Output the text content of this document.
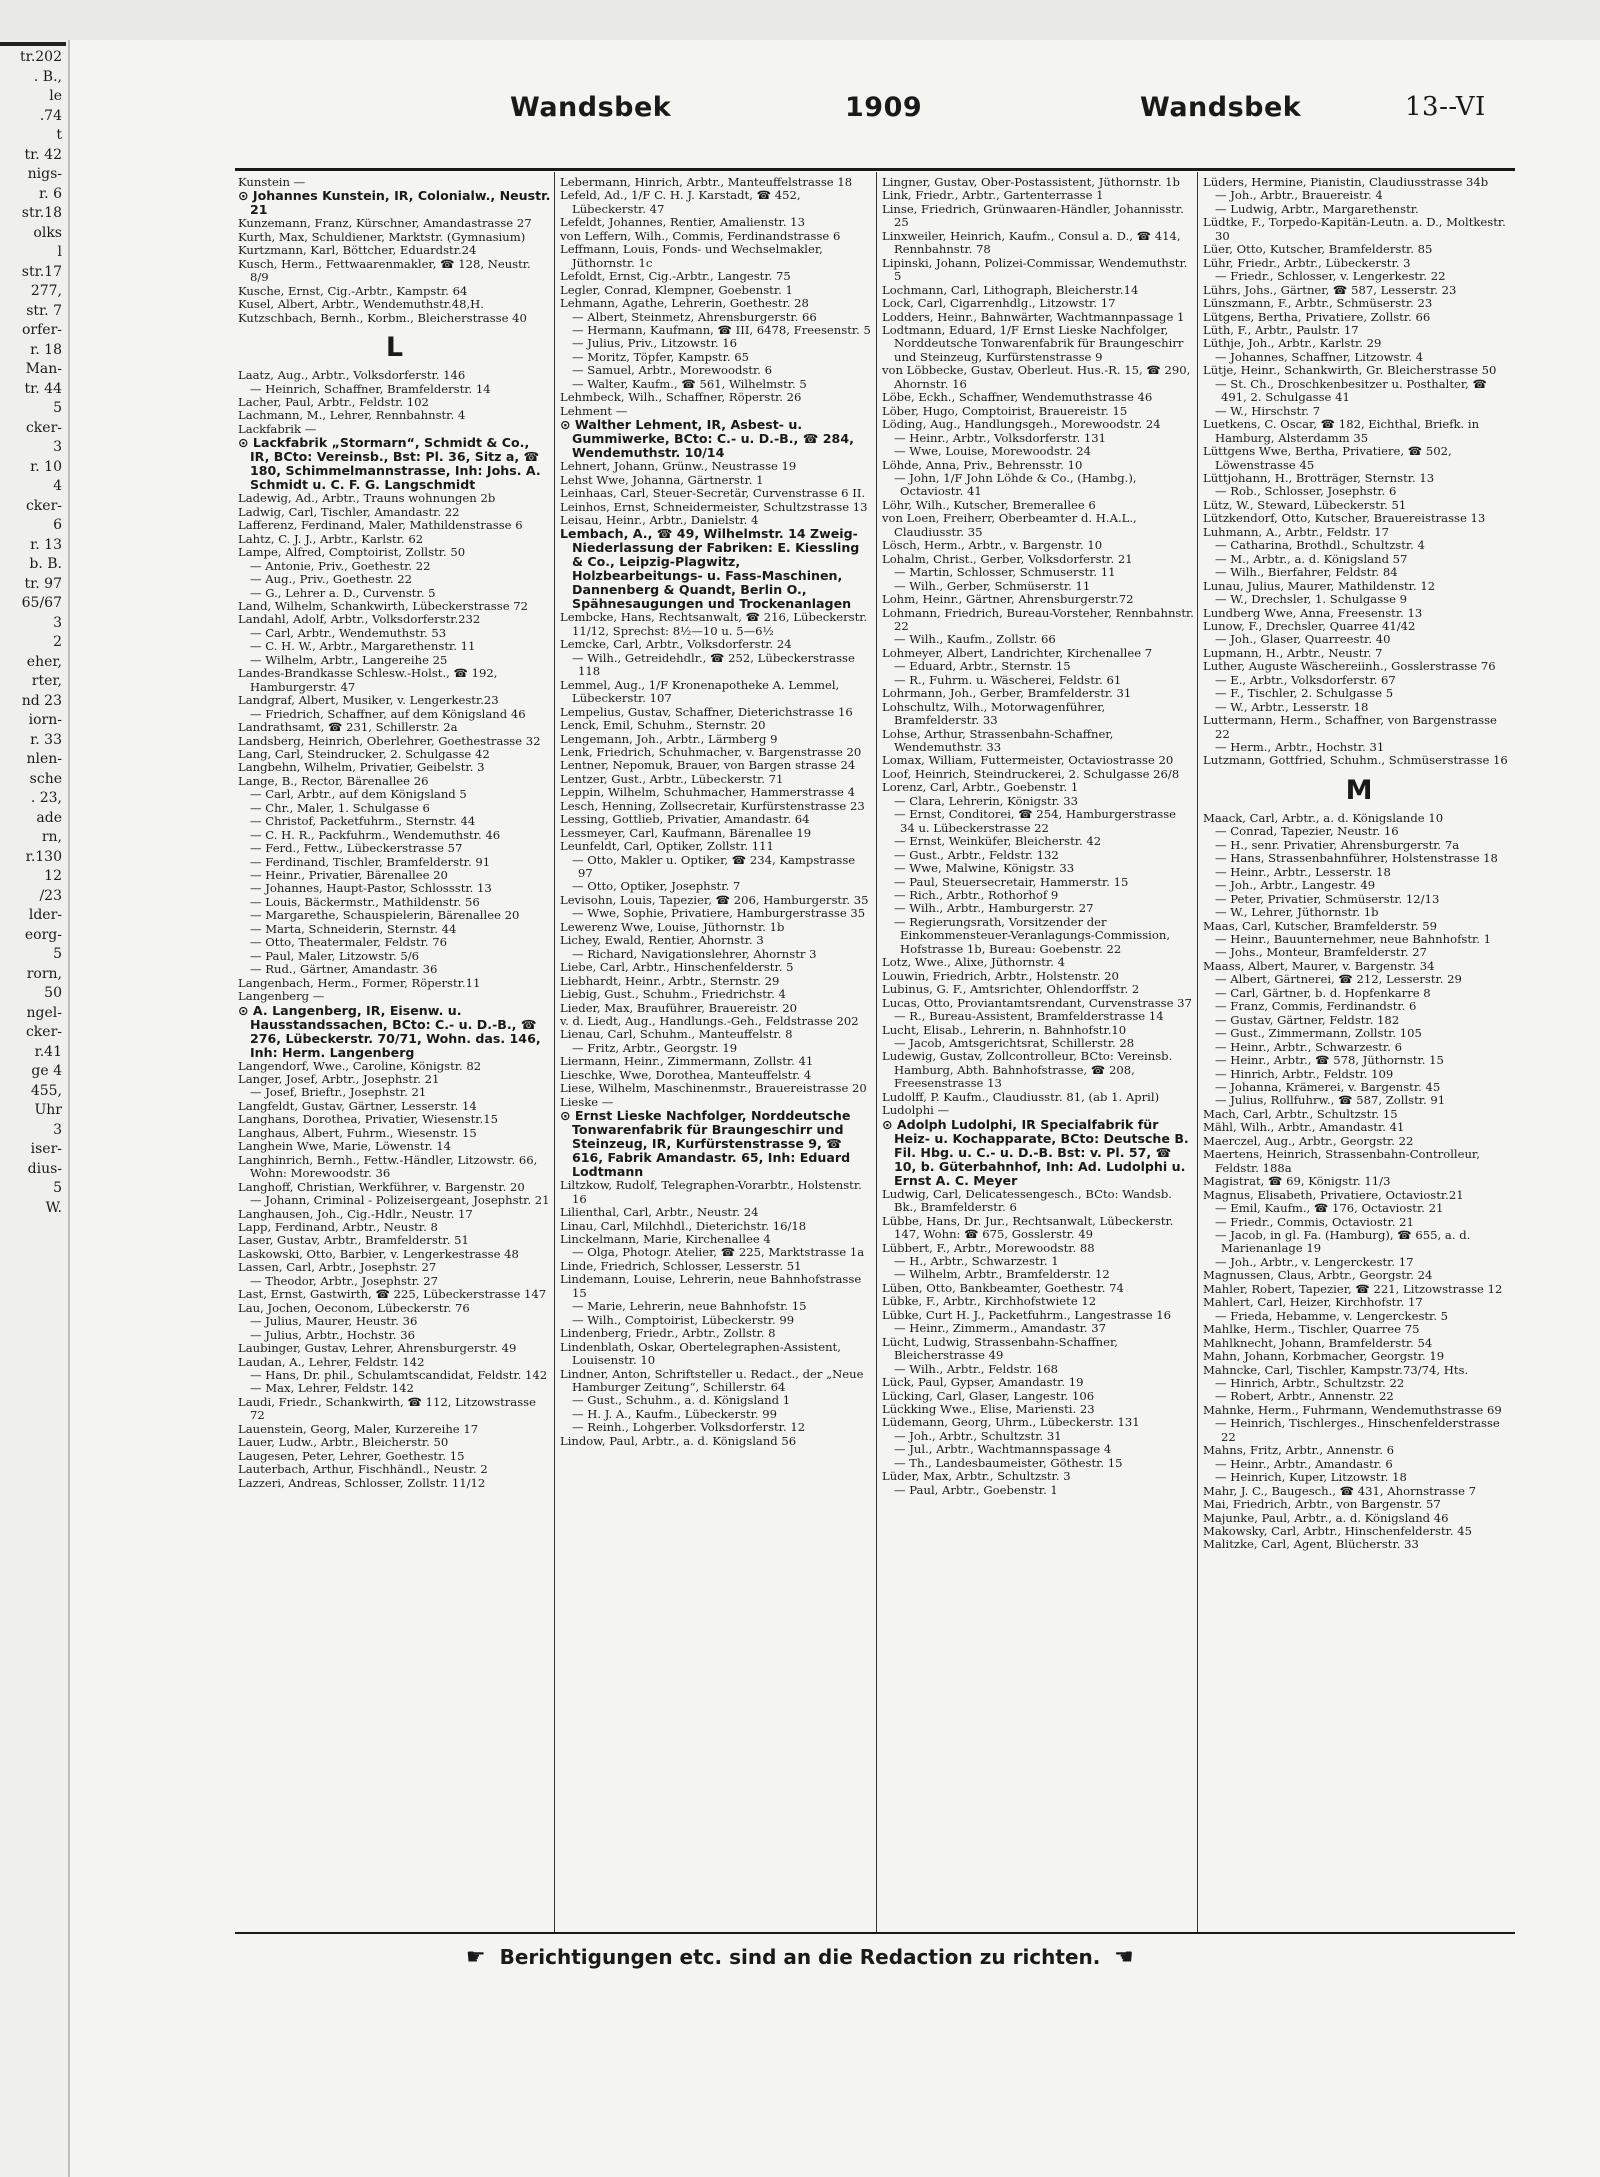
tr.202
. B.,
le
.74
t
tr. 42
nigs-
r. 6
str.18
olks
l
str.17
277,
str. 7
orfer-
r. 18
Man-
tr. 44
5
cker-
3
r. 10
4
cker-
6
r. 13
b. B.
tr. 97
65/67
3
2
eher,
rter,
nd 23
iorn-
r. 33
nlen-
sche
. 23,
ade
rn,
r.130
12
/23
lder-
eorg-
5
rorn,
50
ngel-
cker-
r.41
ge 4
455,
Uhr
3
iser-
dius-
5
W.
Wandsbek	1909	Wandsbek	13--VI
Kunstein —
⊙ Johannes Kunstein, IR, Colonialw., Neustr. 21
Kunzemann, Franz, Kürschner, Amandastrasse 27
Kurth, Max, Schuldiener, Marktstr. (Gymnasium)
Kurtzmann, Karl, Böttcher, Eduardstr.24
Kusch, Herm., Fettwaarenmakler, ☎ 128, Neustr. 8/9
Kusche, Ernst, Cig.-Arbtr., Kampstr. 64
Kusel, Albert, Arbtr., Wendemuthstr.48,H.
Kutzschbach, Bernh., Korbm., Bleicherstrasse 40
L
Laatz, Aug., Arbtr., Volksdorferstr. 146
— Heinrich, Schaffner, Bramfelderstr. 14
Lacher, Paul, Arbtr., Feldstr. 102
Lachmann, M., Lehrer, Rennbahnstr. 4
Lackfabrik —
⊙ Lackfabrik „Stormarn“, Schmidt & Co., IR, BCto: Vereinsb., Bst: Pl. 36, Sitz a, ☎ 180, Schimmelmannstrasse, Inh: Johs. A. Schmidt u. C. F. G. Langschmidt
Ladewig, Ad., Arbtr., Trauns wohnungen 2b
Ladwig, Carl, Tischler, Amandastr. 22
Lafferenz, Ferdinand, Maler, Mathildenstrasse 6
Lahtz, C. J. J., Arbtr., Karlstr. 62
Lampe, Alfred, Comptoirist, Zollstr. 50
— Antonie, Priv., Goethestr. 22
— Aug., Priv., Goethestr. 22
— G., Lehrer a. D., Curvenstr. 5
Land, Wilhelm, Schankwirth, Lübeckerstrasse 72
Landahl, Adolf, Arbtr., Volksdorferstr.232
— Carl, Arbtr., Wendemuthstr. 53
— C. H. W., Arbtr., Margarethenstr. 11
— Wilhelm, Arbtr., Langereihe 25
Landes-Brandkasse Schlesw.-Holst., ☎ 192, Hamburgerstr. 47
Landgraf, Albert, Musiker, v. Lengerkestr.23
— Friedrich, Schaffner, auf dem Königsland 46
Landrathsamt, ☎ 231, Schillerstr. 2a
Landsberg, Heinrich, Oberlehrer, Goethestrasse 32
Lang, Carl, Steindrucker, 2. Schulgasse 42
Langbehn, Wilhelm, Privatier, Geibelstr. 3
Lange, B., Rector, Bärenallee 26
— Carl, Arbtr., auf dem Königsland 5
— Chr., Maler, 1. Schulgasse 6
— Christof, Packetfuhrm., Sternstr. 44
— C. H. R., Packfuhrm., Wendemuthstr. 46
— Ferd., Fettw., Lübeckerstrasse 57
— Ferdinand, Tischler, Bramfelderstr. 91
— Heinr., Privatier, Bärenallee 20
— Johannes, Haupt-Pastor, Schlossstr. 13
— Louis, Bäckermstr., Mathildenstr. 56
— Margarethe, Schauspielerin, Bärenallee 20
— Marta, Schneiderin, Sternstr. 44
— Otto, Theatermaler, Feldstr. 76
— Paul, Maler, Litzowstr. 5/6
— Rud., Gärtner, Amandastr. 36
Langenbach, Herm., Former, Röperstr.11
Langenberg —
⊙ A. Langenberg, IR, Eisenw. u. Hausstandssachen, BCto: C.- u. D.-B., ☎ 276, Lübeckerstr. 70/71, Wohn. das. 146, Inh: Herm. Langenberg
Langendorf, Wwe., Caroline, Königstr. 82
Langer, Josef, Arbtr., Josephstr. 21
— Josef, Brieftr., Josephstr. 21
Langfeldt, Gustav, Gärtner, Lesserstr. 14
Langhans, Dorothea, Privatier, Wiesenstr.15
Langhaus, Albert, Fuhrm., Wiesenstr. 15
Langhein Wwe, Marie, Löwenstr. 14
Langhinrich, Bernh., Fettw.-Händler, Litzowstr. 66, Wohn: Morewoodstr. 36
Langhoff, Christian, Werkführer, v. Bargenstr. 20
— Johann, Criminal - Polizeisergeant, Josephstr. 21
Langhausen, Joh., Cig.-Hdlr., Neustr. 17
Lapp, Ferdinand, Arbtr., Neustr. 8
Laser, Gustav, Arbtr., Bramfelderstr. 51
Laskowski, Otto, Barbier, v. Lengerkestrasse 48
Lassen, Carl, Arbtr., Josephstr. 27
— Theodor, Arbtr., Josephstr. 27
Last, Ernst, Gastwirth, ☎ 225, Lübeckerstrasse 147
Lau, Jochen, Oeconom, Lübeckerstr. 76
— Julius, Maurer, Heustr. 36
— Julius, Arbtr., Hochstr. 36
Laubinger, Gustav, Lehrer, Ahrensburgerstr. 49
Laudan, A., Lehrer, Feldstr. 142
— Hans, Dr. phil., Schulamtscandidat, Feldstr. 142
— Max, Lehrer, Feldstr. 142
Laudi, Friedr., Schankwirth, ☎ 112, Litzowstrasse 72
Lauenstein, Georg, Maler, Kurzereihe 17
Lauer, Ludw., Arbtr., Bleicherstr. 50
Laugesen, Peter, Lehrer, Goethestr. 15
Lauterbach, Arthur, Fischhändl., Neustr. 2
Lazzeri, Andreas, Schlosser, Zollstr. 11/12
Lebermann, Hinrich, Arbtr., Manteuffelstrasse 18
Lefeld, Ad., 1/F C. H. J. Karstadt, ☎ 452, Lübeckerstr. 47
Lefeldt, Johannes, Rentier, Amalienstr. 13
von Leffern, Wilh., Commis, Ferdinandstrasse 6
Leffmann, Louis, Fonds- und Wechselmakler, Jüthornstr. 1c
Lefoldt, Ernst, Cig.-Arbtr., Langestr. 75
Legler, Conrad, Klempner, Goebenstr. 1
Lehmann, Agathe, Lehrerin, Goethestr. 28
— Albert, Steinmetz, Ahrensburgerstr. 66
— Hermann, Kaufmann, ☎ III, 6478, Freesenstr. 5
— Julius, Priv., Litzowstr. 16
— Moritz, Töpfer, Kampstr. 65
— Samuel, Arbtr., Morewoodstr. 6
— Walter, Kaufm., ☎ 561, Wilhelmstr. 5
Lehmbeck, Wilh., Schaffner, Röperstr. 26
Lehment —
⊙ Walther Lehment, IR, Asbest- u. Gummiwerke, BCto: C.- u. D.-B., ☎ 284, Wendemuthstr. 10/14
Lehnert, Johann, Grünw., Neustrasse 19
Lehst Wwe, Johanna, Gärtnerstr. 1
Leinhaas, Carl, Steuer-Secretär, Curvenstrasse 6 II.
Leinhos, Ernst, Schneidermeister, Schultzstrasse 13
Leisau, Heinr., Arbtr., Danielstr. 4
Lembach, A., ☎ 49, Wilhelmstr. 14 Zweig-Niederlassung der Fabriken: E. Kiessling & Co., Leipzig-Plagwitz, Holzbearbeitungs- u. Fass-Maschinen, Dannenberg & Quandt, Berlin O., Spähnesaugungen und Trockenanlagen
Lembcke, Hans, Rechtsanwalt, ☎ 216, Lübeckerstr. 11/12, Sprechst: 8½—10 u. 5—6½
Lemcke, Carl, Arbtr., Volksdorferstr. 24
— Wilh., Getreidehdlr., ☎ 252, Lübeckerstrasse 118
Lemmel, Aug., 1/F Kronenapotheke A. Lemmel, Lübeckerstr. 107
Lempelius, Gustav, Schaffner, Dieterichstrasse 16
Lenck, Emil, Schuhm., Sternstr. 20
Lengemann, Joh., Arbtr., Lärmberg 9
Lenk, Friedrich, Schuhmacher, v. Bargenstrasse 20
Lentner, Nepomuk, Brauer, von Bargen strasse 24
Lentzer, Gust., Arbtr., Lübeckerstr. 71
Leppin, Wilhelm, Schuhmacher, Hammerstrasse 4
Lesch, Henning, Zollsecretair, Kurfürstenstrasse 23
Lessing, Gottlieb, Privatier, Amandastr. 64
Lessmeyer, Carl, Kaufmann, Bärenallee 19
Leunfeldt, Carl, Optiker, Zollstr. 111
— Otto, Makler u. Optiker, ☎ 234, Kampstrasse 97
— Otto, Optiker, Josephstr. 7
Levisohn, Louis, Tapezier, ☎ 206, Hamburgerstr. 35
— Wwe, Sophie, Privatiere, Hamburgerstrasse 35
Lewerenz Wwe, Louise, Jüthornstr. 1b
Lichey, Ewald, Rentier, Ahornstr. 3
— Richard, Navigationslehrer, Ahornstr 3
Liebe, Carl, Arbtr., Hinschenfelderstr. 5
Liebhardt, Heinr., Arbtr., Sternstr. 29
Liebig, Gust., Schuhm., Friedrichstr. 4
Lieder, Max, Brauführer, Brauereistr. 20
v. d. Liedt, Aug., Handlungs.-Geh., Feldstrasse 202
Lienau, Carl, Schuhm., Manteuffelstr. 8
— Fritz, Arbtr., Georgstr. 19
Liermann, Heinr., Zimmermann, Zollstr. 41
Lieschke, Wwe, Dorothea, Manteuffelstr. 4
Liese, Wilhelm, Maschinenmstr., Brauereistrasse 20
Lieske —
⊙ Ernst Lieske Nachfolger, Norddeutsche Tonwarenfabrik für Braungeschirr und Steinzeug, IR, Kurfürstenstrasse 9, ☎ 616, Fabrik Amandastr. 65, Inh: Eduard Lodtmann
Liltzkow, Rudolf, Telegraphen-Vorarbtr., Holstenstr. 16
Lilienthal, Carl, Arbtr., Neustr. 24
Linau, Carl, Milchhdl., Dieterichstr. 16/18
Linckelmann, Marie, Kirchenallee 4
— Olga, Photogr. Atelier, ☎ 225, Marktstrasse 1a
Linde, Friedrich, Schlosser, Lesserstr. 51
Lindemann, Louise, Lehrerin, neue Bahnhofstrasse 15
— Marie, Lehrerin, neue Bahnhofstr. 15
— Wilh., Comptoirist, Lübeckerstr. 99
Lindenberg, Friedr., Arbtr., Zollstr. 8
Lindenblath, Oskar, Obertelegraphen-Assistent, Louisenstr. 10
Lindner, Anton, Schriftsteller u. Redact., der „Neue Hamburger Zeitung“, Schillerstr. 64
— Gust., Schuhm., a. d. Königsland 1
— H. J. A., Kaufm., Lübeckerstr. 99
— Reinh., Lohgerber. Volksdorferstr. 12
Lindow, Paul, Arbtr., a. d. Königsland 56
Lingner, Gustav, Ober-Postassistent, Jüthornstr. 1b
Link, Friedr., Arbtr., Gartenterrasse 1
Linse, Friedrich, Grünwaaren-Händler, Johannisstr. 25
Linxweiler, Heinrich, Kaufm., Consul a. D., ☎ 414, Rennbahnstr. 78
Lipinski, Johann, Polizei-Commissar, Wendemuthstr. 5
Lochmann, Carl, Lithograph, Bleicherstr.14
Lock, Carl, Cigarrenhdlg., Litzowstr. 17
Lodders, Heinr., Bahnwärter, Wachtmannpassage 1
Lodtmann, Eduard, 1/F Ernst Lieske Nachfolger, Norddeutsche Tonwarenfabrik für Braungeschirr und Steinzeug, Kurfürstenstrasse 9
von Löbbecke, Gustav, Oberleut. Hus.-R. 15, ☎ 290, Ahornstr. 16
Löbe, Eckh., Schaffner, Wendemuthstrasse 46
Löber, Hugo, Comptoirist, Brauereistr. 15
Löding, Aug., Handlungsgeh., Morewoodstr. 24
— Heinr., Arbtr., Volksdorferstr. 131
— Wwe, Louise, Morewoodstr. 24
Löhde, Anna, Priv., Behrensstr. 10
— John, 1/F John Löhde & Co., (Hambg.), Octaviostr. 41
Löhr, Wilh., Kutscher, Bremerallee 6
von Loen, Freiherr, Oberbeamter d. H.A.L., Claudiusstr. 35
Lösch, Herm., Arbtr., v. Bargenstr. 10
Lohalm, Christ., Gerber, Volksdorferstr. 21
— Martin, Schlosser, Schmuserstr. 11
— Wilh., Gerber, Schmüserstr. 11
Lohm, Heinr., Gärtner, Ahrensburgerstr.72
Lohmann, Friedrich, Bureau-Vorsteher, Rennbahnstr. 22
— Wilh., Kaufm., Zollstr. 66
Lohmeyer, Albert, Landrichter, Kirchenallee 7
— Eduard, Arbtr., Sternstr. 15
— R., Fuhrm. u. Wäscherei, Feldstr. 61
Lohrmann, Joh., Gerber, Bramfelderstr. 31
Lohschultz, Wilh., Motorwagenführer, Bramfelderstr. 33
Lohse, Arthur, Strassenbahn-Schaffner, Wendemuthstr. 33
Lomax, William, Futtermeister, Octaviostrasse 20
Loof, Heinrich, Steindruckerei, 2. Schulgasse 26/8
Lorenz, Carl, Arbtr., Goebenstr. 1
— Clara, Lehrerin, Königstr. 33
— Ernst, Conditorei, ☎ 254, Hamburgerstrasse 34 u. Lübeckerstrasse 22
— Ernst, Weinküfer, Bleicherstr. 42
— Gust., Arbtr., Feldstr. 132
— Wwe, Malwine, Königstr. 33
— Paul, Steuersecretair, Hammerstr. 15
— Rich., Arbtr., Rothorhof 9
— Wilh., Arbtr., Hamburgerstr. 27
— Regierungsrath, Vorsitzender der Einkommensteuer-Veranlagungs-Commission, Hofstrasse 1b, Bureau: Goebenstr. 22
Lotz, Wwe., Alixe, Jüthornstr. 4
Louwin, Friedrich, Arbtr., Holstenstr. 20
Lubinus, G. F., Amtsrichter, Ohlendorffstr. 2
Lucas, Otto, Proviantamtsrendant, Curvenstrasse 37
— R., Bureau-Assistent, Bramfelderstrasse 14
Lucht, Elisab., Lehrerin, n. Bahnhofstr.10
— Jacob, Amtsgerichtsrat, Schillerstr. 28
Ludewig, Gustav, Zollcontrolleur, BCto: Vereinsb. Hamburg, Abth. Bahnhofstrasse, ☎ 208, Freesenstrasse 13
Ludolff, P. Kaufm., Claudiusstr. 81, (ab 1. April)
Ludolphi —
⊙ Adolph Ludolphi, IR Specialfabrik für Heiz- u. Kochapparate, BCto: Deutsche B. Fil. Hbg. u. C.- u. D.-B. Bst: v. Pl. 57, ☎ 10, b. Güterbahnhof, Inh: Ad. Ludolphi u. Ernst A. C. Meyer
Ludwig, Carl, Delicatessengesch., BCto: Wandsb. Bk., Bramfelderstr. 6
Lübbe, Hans, Dr. Jur., Rechtsanwalt, Lübeckerstr. 147, Wohn: ☎ 675, Gosslerstr. 49
Lübbert, F., Arbtr., Morewoodstr. 88
— H., Arbtr., Schwarzestr. 1
— Wilhelm, Arbtr., Bramfelderstr. 12
Lüben, Otto, Bankbeamter, Goethestr. 74
Lübke, F., Arbtr., Kirchhofstwiete 12
Lübke, Curt H. J., Packetfuhrm., Langestrasse 16
— Heinr., Zimmerm., Amandastr. 37
Lücht, Ludwig, Strassenbahn-Schaffner, Bleicherstrasse 49
— Wilh., Arbtr., Feldstr. 168
Lück, Paul, Gypser, Amandastr. 19
Lücking, Carl, Glaser, Langestr. 106
Lückking Wwe., Elise, Mariensti. 23
Lüdemann, Georg, Uhrm., Lübeckerstr. 131
— Joh., Arbtr., Schultzstr. 31
— Jul., Arbtr., Wachtmannspassage 4
— Th., Landesbaumeister, Göthestr. 15
Lüder, Max, Arbtr., Schultzstr. 3
— Paul, Arbtr., Goebenstr. 1
Lüders, Hermine, Pianistin, Claudiusstrasse 34b
— Joh., Arbtr., Brauereistr. 4
— Ludwig, Arbtr., Margarethenstr.
Lüdtke, F., Torpedo-Kapitän-Leutn. a. D., Moltkestr. 30
Lüer, Otto, Kutscher, Bramfelderstr. 85
Lühr, Friedr., Arbtr., Lübeckerstr. 3
— Friedr., Schlosser, v. Lengerkestr. 22
Lührs, Johs., Gärtner, ☎ 587, Lesserstr. 23
Lünszmann, F., Arbtr., Schmüserstr. 23
Lütgens, Bertha, Privatiere, Zollstr. 66
Lüth, F., Arbtr., Paulstr. 17
Lüthje, Joh., Arbtr., Karlstr. 29
— Johannes, Schaffner, Litzowstr. 4
Lütje, Heinr., Schankwirth, Gr. Bleicherstrasse 50
— St. Ch., Droschkenbesitzer u. Posthalter, ☎ 491, 2. Schulgasse 41
— W., Hirschstr. 7
Luetkens, C. Oscar, ☎ 182, Eichthal, Briefk. in Hamburg, Alsterdamm 35
Lüttgens Wwe, Bertha, Privatiere, ☎ 502, Löwenstrasse 45
Lüttjohann, H., Brotträger, Sternstr. 13
— Rob., Schlosser, Josephstr. 6
Lütz, W., Steward, Lübeckerstr. 51
Lützkendorf, Otto, Kutscher, Brauereistrasse 13
Luhmann, A., Arbtr., Feldstr. 17
— Catharina, Brothdl., Schultzstr. 4
— M., Arbtr., a. d. Königsland 57
— Wilh., Bierfahrer, Feldstr. 84
Lunau, Julius, Maurer, Mathildenstr. 12
— W., Drechsler, 1. Schulgasse 9
Lundberg Wwe, Anna, Freesenstr. 13
Lunow, F., Drechsler, Quarree 41/42
— Joh., Glaser, Quarreestr. 40
Lupmann, H., Arbtr., Neustr. 7
Luther, Auguste Wäschereiinh., Gosslerstrasse 76
— E., Arbtr., Volksdorferstr. 67
— F., Tischler, 2. Schulgasse 5
— W., Arbtr., Lesserstr. 18
Luttermann, Herm., Schaffner, von Bargenstrasse 22
— Herm., Arbtr., Hochstr. 31
Lutzmann, Gottfried, Schuhm., Schmüserstrasse 16
M
Maack, Carl, Arbtr., a. d. Königslande 10
— Conrad, Tapezier, Neustr. 16
— H., senr. Privatier, Ahrensburgerstr. 7a
— Hans, Strassenbahnführer, Holstenstrasse 18
— Heinr., Arbtr., Lesserstr. 18
— Joh., Arbtr., Langestr. 49
— Peter, Privatier, Schmüserstr. 12/13
— W., Lehrer, Jüthornstr. 1b
Maas, Carl, Kutscher, Bramfelderstr. 59
— Heinr., Bauunternehmer, neue Bahnhofstr. 1
— Johs., Monteur, Bramfelderstr. 27
Maass, Albert, Maurer, v. Bargenstr. 34
— Albert, Gärtnerei, ☎ 212, Lesserstr. 29
— Carl, Gärtner, b. d. Hopfenkarre 8
— Franz, Commis, Ferdinandstr. 6
— Gustav, Gärtner, Feldstr. 182
— Gust., Zimmermann, Zollstr. 105
— Heinr., Arbtr., Schwarzestr. 6
— Heinr., Arbtr., ☎ 578, Jüthornstr. 15
— Hinrich, Arbtr., Feldstr. 109
— Johanna, Krämerei, v. Bargenstr. 45
— Julius, Rollfuhrw., ☎ 587, Zollstr. 91
Mach, Carl, Arbtr., Schultzstr. 15
Mähl, Wilh., Arbtr., Amandastr. 41
Maerczel, Aug., Arbtr., Georgstr. 22
Maertens, Heinrich, Strassenbahn-Controlleur, Feldstr. 188a
Magistrat, ☎ 69, Königstr. 11/3
Magnus, Elisabeth, Privatiere, Octaviostr.21
— Emil, Kaufm., ☎ 176, Octaviostr. 21
— Friedr., Commis, Octaviostr. 21
— Jacob, in gl. Fa. (Hamburg), ☎ 655, a. d. Marienanlage 19
— Joh., Arbtr., v. Lengerckestr. 17
Magnussen, Claus, Arbtr., Georgstr. 24
Mahler, Robert, Tapezier, ☎ 221, Litzowstrasse 12
Mahlert, Carl, Heizer, Kirchhofstr. 17
— Frieda, Hebamme, v. Lengerckestr. 5
Mahlke, Herm., Tischler, Quarree 75
Mahlknecht, Johann, Bramfelderstr. 54
Mahn, Johann, Korbmacher, Georgstr. 19
Mahncke, Carl, Tischler, Kampstr.73/74, Hts.
— Hinrich, Arbtr., Schultzstr. 22
— Robert, Arbtr., Annenstr. 22
Mahnke, Herm., Fuhrmann, Wendemuthstrasse 69
— Heinrich, Tischlerges., Hinschenfelderstrasse 22
Mahns, Fritz, Arbtr., Annenstr. 6
— Heinr., Arbtr., Amandastr. 6
— Heinrich, Kuper, Litzowstr. 18
Mahr, J. C., Baugesch., ☎ 431, Ahornstrasse 7
Mai, Friedrich, Arbtr., von Bargenstr. 57
Majunke, Paul, Arbtr., a. d. Königsland 46
Makowsky, Carl, Arbtr., Hinschenfelderstr. 45
Malitzke, Carl, Agent, Blücherstr. 33
☛ Berichtigungen etc. sind an die Redaction zu richten. ☛
